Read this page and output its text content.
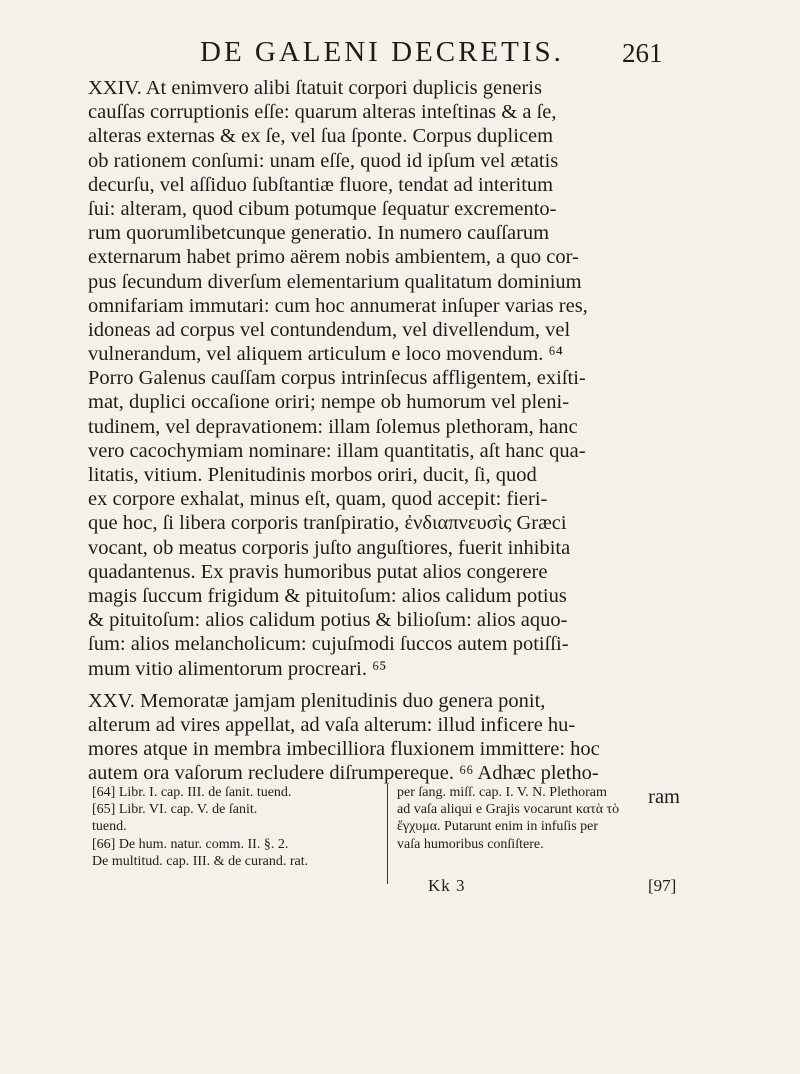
DE GALENI DECRETIS. 261
XXIV. At enimvero alibi ſtatuit corpori duplicis generis
cauſſas corruptionis eſſe: quarum alteras inteſtinas & a ſe,
alteras externas & ex ſe, vel ſua ſponte. Corpus duplicem
ob rationem conſumi: unam eſſe, quod id ipſum vel ætatis
decurſu, vel aſſiduo ſubſtantiæ fluore, tendat ad interitum
ſui: alteram, quod cibum potumque ſequatur excremento-
rum quorumlibetcunque generatio. In numero cauſſarum
externarum habet primo aërem nobis ambientem, a quo cor-
pus ſecundum diverſum elementarium qualitatum dominium
omnifariam immutari: cum hoc annumerat inſuper varias res,
idoneas ad corpus vel contundendum, vel divellendum, vel
vulnerandum, vel aliquem articulum e loco movendum. ⁶⁴
Porro Galenus cauſſam corpus intrinſecus affligentem, exiſti-
mat, duplici occaſione oriri; nempe ob humorum vel pleni-
tudinem, vel depravationem: illam ſolemus plethoram, hanc
vero cacochymiam nominare: illam quantitatis, aſt hanc qua-
litatis, vitium. Plenitudinis morbos oriri, ducit, ſi, quod
ex corpore exhalat, minus eſt, quam, quod accepit: fieri-
que hoc, ſi libera corporis tranſpiratio, ἐνδιαπνευσὶς Græci
vocant, ob meatus corporis juſto anguſtiores, fuerit inhibita
quadantenus. Ex pravis humoribus putat alios congerere
magis ſuccum frigidum & pituitoſum: alios calidum potius
& pituitoſum: alios calidum potius & bilioſum: alios aquo-
ſum: alios melancholicum: cujuſmodi ſuccos autem potiſſi-
mum vitio alimentorum procreari. ⁶⁵
XXV. Memoratæ jamjam plenitudinis duo genera ponit,
alterum ad vires appellat, ad vaſa alterum: illud inficere hu-
mores atque in membra imbecilliora fluxionem immittere: hoc
autem ora vaſorum recludere diſrumpereque. ⁶⁶ Adhæc pletho-
ram
[64] Libr. I. cap. III. de ſanit. tuend.
[65] Libr. VI. cap. V. de ſanit.
tuend.
[66] De hum. natur. comm. II. §. 2.
De multitud. cap. III. & de curand. rat.
per ſang. miſſ. cap. I. V. N. Plethoram
ad vaſa aliqui e Grajis vocarunt κατὰ τὸ
ἔγχυμα. Putarunt enim in infuſis per
vaſa humoribus conſiſtere.
Kk 3	[97]
